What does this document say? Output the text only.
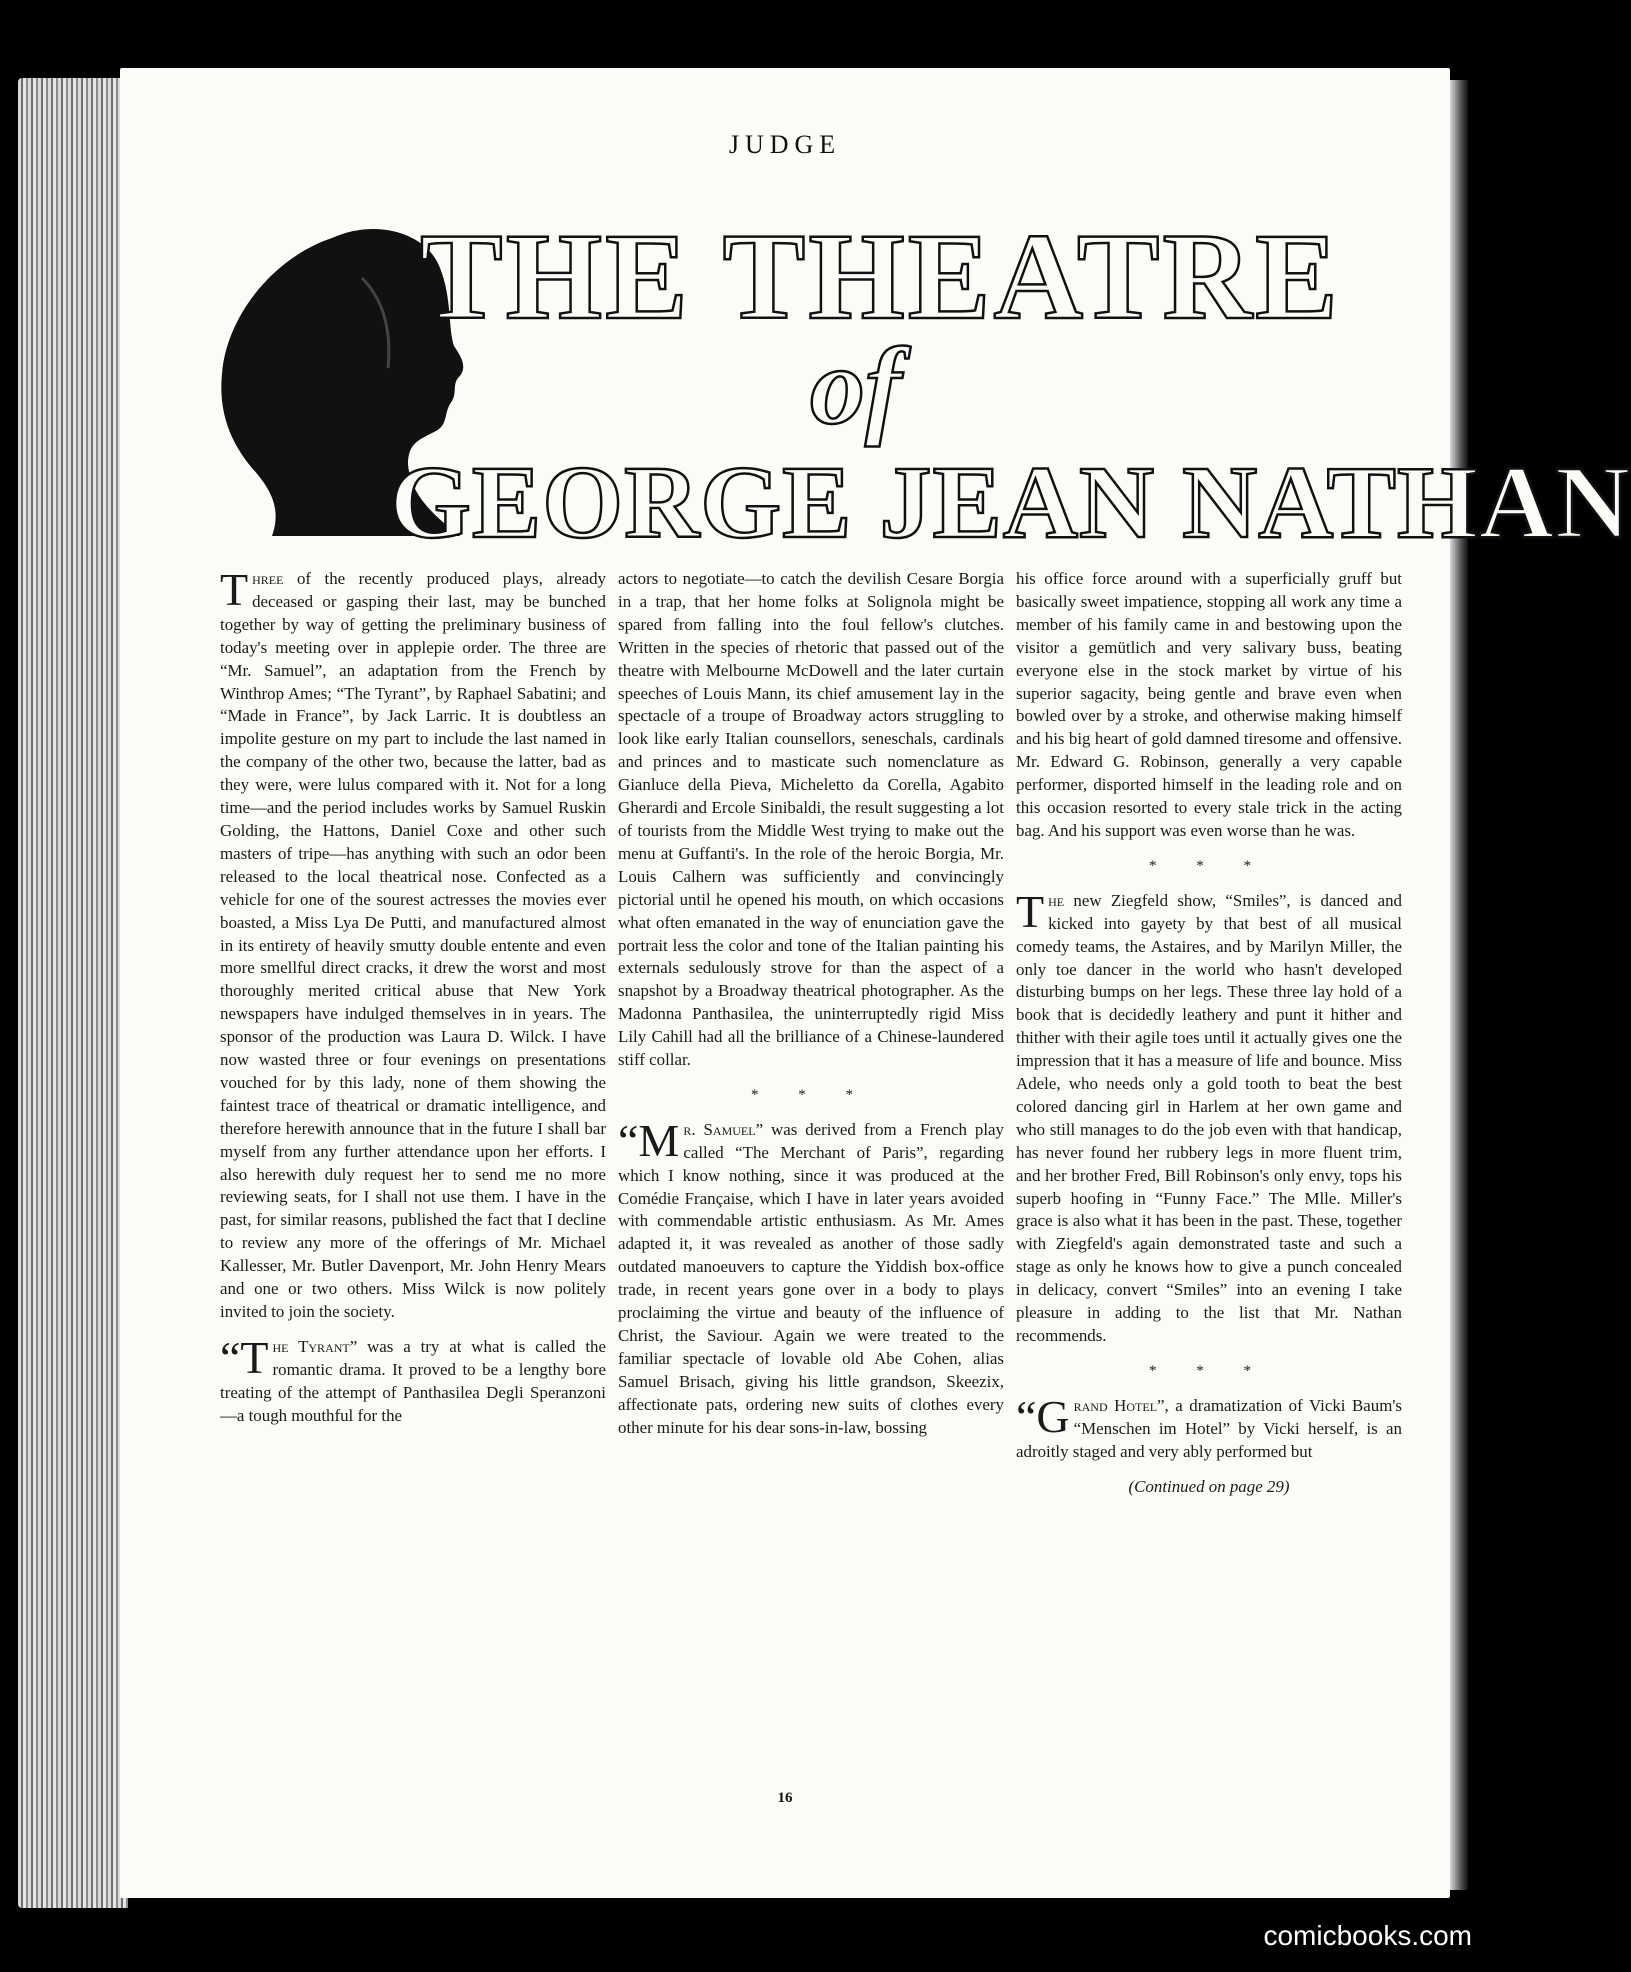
JUDGE
THE THEATRE
of
GEORGE JEAN NATHAN

Three of the recently produced plays, already deceased or gasping their last, may be bunched together by way of getting the preliminary business of today's meeting over in applepie order. The three are “Mr. Samuel”, an adaptation from the French by Winthrop Ames; “The Tyrant”, by Raphael Sabatini; and “Made in France”, by Jack Larric. It is doubtless an impolite gesture on my part to include the last named in the company of the other two, because the latter, bad as they were, were lulus compared with it. Not for a long time—and the period includes works by Samuel Ruskin Golding, the Hattons, Daniel Coxe and other such masters of tripe—has anything with such an odor been released to the local theatrical nose. Confected as a vehicle for one of the sourest actresses the movies ever boasted, a Miss Lya De Putti, and manufactured almost in its entirety of heavily smutty double entente and even more smellful direct cracks, it drew the worst and most thoroughly merited critical abuse that New York newspapers have indulged themselves in in years. The sponsor of the production was Laura D. Wilck. I have now wasted three or four evenings on presentations vouched for by this lady, none of them showing the faintest trace of theatrical or dramatic intelligence, and therefore herewith announce that in the future I shall bar myself from any further attendance upon her efforts. I also herewith duly request her to send me no more reviewing seats, for I shall not use them. I have in the past, for similar reasons, published the fact that I decline to review any more of the offerings of Mr. Michael Kallesser, Mr. Butler Davenport, Mr. John Henry Mears and one or two others. Miss Wilck is now politely invited to join the society.

“The Tyrant” was a try at what is called the romantic drama. It proved to be a lengthy bore treating of the attempt of Panthasilea Degli Speranzoni—a tough mouthful for the

actors to negotiate—to catch the devilish Cesare Borgia in a trap, that her home folks at Solignola might be spared from falling into the foul fellow's clutches. Written in the species of rhetoric that passed out of the theatre with Melbourne McDowell and the later curtain speeches of Louis Mann, its chief amusement lay in the spectacle of a troupe of Broadway actors struggling to look like early Italian counsellors, seneschals, cardinals and princes and to masticate such nomenclature as Gianluce della Pieva, Micheletto da Corella, Agabito Gherardi and Ercole Sinibaldi, the result suggesting a lot of tourists from the Middle West trying to make out the menu at Guffanti's. In the role of the heroic Borgia, Mr. Louis Calhern was sufficiently and convincingly pictorial until he opened his mouth, on which occasions what often emanated in the way of enunciation gave the portrait less the color and tone of the Italian painting his externals sedulously strove for than the aspect of a snapshot by a Broadway theatrical photographer. As the Madonna Panthasilea, the uninterruptedly rigid Miss Lily Cahill had all the brilliance of a Chinese-laundered stiff collar.

* * *

“Mr. Samuel” was derived from a French play called “The Merchant of Paris”, regarding which I know nothing, since it was produced at the Comédie Française, which I have in later years avoided with commendable artistic enthusiasm. As Mr. Ames adapted it, it was revealed as another of those sadly outdated manoeuvers to capture the Yiddish box-office trade, in recent years gone over in a body to plays proclaiming the virtue and beauty of the influence of Christ, the Saviour. Again we were treated to the familiar spectacle of lovable old Abe Cohen, alias Samuel Brisach, giving his little grandson, Skeezix, affectionate pats, ordering new suits of clothes every other minute for his dear sons-in-law, bossing

his office force around with a superficially gruff but basically sweet impatience, stopping all work any time a member of his family came in and bestowing upon the visitor a gemütlich and very salivary buss, beating everyone else in the stock market by virtue of his superior sagacity, being gentle and brave even when bowled over by a stroke, and otherwise making himself and his big heart of gold damned tiresome and offensive. Mr. Edward G. Robinson, generally a very capable performer, disported himself in the leading role and on this occasion resorted to every stale trick in the acting bag. And his support was even worse than he was.

* * *

The new Ziegfeld show, “Smiles”, is danced and kicked into gayety by that best of all musical comedy teams, the Astaires, and by Marilyn Miller, the only toe dancer in the world who hasn't developed disturbing bumps on her legs. These three lay hold of a book that is decidedly leathery and punt it hither and thither with their agile toes until it actually gives one the impression that it has a measure of life and bounce. Miss Adele, who needs only a gold tooth to beat the best colored dancing girl in Harlem at her own game and who still manages to do the job even with that handicap, has never found her rubbery legs in more fluent trim, and her brother Fred, Bill Robinson's only envy, tops his superb hoofing in “Funny Face.” The Mlle. Miller's grace is also what it has been in the past. These, together with Ziegfeld's again demonstrated taste and such a stage as only he knows how to give a punch concealed in delicacy, convert “Smiles” into an evening I take pleasure in adding to the list that Mr. Nathan recommends.

* * *

“Grand Hotel”, a dramatization of Vicki Baum's “Menschen im Hotel” by Vicki herself, is an adroitly staged and very ably performed but

(Continued on page 29)
16
comicbooks.com
